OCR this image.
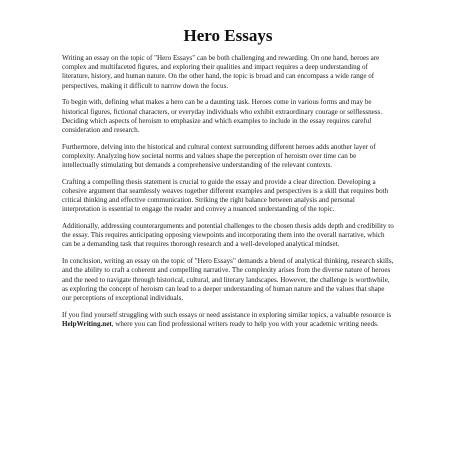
Hero Essays

Writing an essay on the topic of "Hero Essays" can be both challenging and rewarding. On one hand, heroes are complex and multifaceted figures, and exploring their qualities and impact requires a deep understanding of literature, history, and human nature. On the other hand, the topic is broad and can encompass a wide range of perspectives, making it difficult to narrow down the focus.

To begin with, defining what makes a hero can be a daunting task. Heroes come in various forms and may be historical figures, fictional characters, or everyday individuals who exhibit extraordinary courage or selflessness. Deciding which aspects of heroism to emphasize and which examples to include in the essay requires careful consideration and research.

Furthermore, delving into the historical and cultural context surrounding different heroes adds another layer of complexity. Analyzing how societal norms and values shape the perception of heroism over time can be intellectually stimulating but demands a comprehensive understanding of the relevant contexts.

Crafting a compelling thesis statement is crucial to guide the essay and provide a clear direction. Developing a cohesive argument that seamlessly weaves together different examples and perspectives is a skill that requires both critical thinking and effective communication. Striking the right balance between analysis and personal interpretation is essential to engage the reader and convey a nuanced understanding of the topic.

Additionally, addressing counterarguments and potential challenges to the chosen thesis adds depth and credibility to the essay. This requires anticipating opposing viewpoints and incorporating them into the overall narrative, which can be a demanding task that requires thorough research and a well-developed analytical mindset.

In conclusion, writing an essay on the topic of "Hero Essays" demands a blend of analytical thinking, research skills, and the ability to craft a coherent and compelling narrative. The complexity arises from the diverse nature of heroes and the need to navigate through historical, cultural, and literary landscapes. However, the challenge is worthwhile, as exploring the concept of heroism can lead to a deeper understanding of human nature and the values that shape our perceptions of exceptional individuals.

If you find yourself struggling with such essays or need assistance in exploring similar topics, a valuable resource is HelpWriting.net, where you can find professional writers ready to help you with your academic writing needs.
